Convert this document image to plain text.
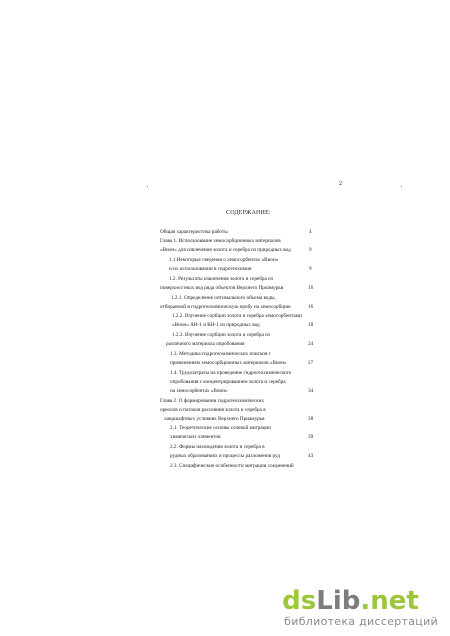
2
СОДЕРЖАНИЕ:
Общая характеристика работы	4
Глава 1. Использование хемосорбционных материалов
«Вион» для извлечения золота и серебра из природных вод	9
1.1.Некоторые сведения о хемосорбентах «Вион»
и их использовании в гидрогеохимии	9
1.2. Результаты извлечения золота и серебра из
поверхностных вод ряда объектов Верхнего Приамурья	16
1.2.1. Определение оптимального объема воды,
отбираемой в гидрогеохимическую пробу на хемосорбцию	16
1.2.2. Изучение сорбции золота и серебра хемосорбентами
«Вион» АН-1 и КН-1 из природных вод	18
1.2.3. Изучение сорбции золота и серебра из
различного материала опробования	24
1.3. Методика гидрогеохимических поисков с
применением хемосорбционных материалов «Вион»	27
1.4. Трудозатраты на проведение гидрогеохимического
опробования с концентрированием золота и серебра
на хемосорбентах «Вион»	34
Глава 2. О формировании гидрогеохимических
ореолов и потоков рассеяния золота и серебра в
ландшафтных условиях Верхнего Приамурья	38
2.1. Теоретические основы солевой миграции
химических элементов	39
2.2. Формы нахождения золота и серебра в
рудных образованиях и процессы разложения руд	43
2.3. Специфические особенности миграции соединений
ds Lib .net
библиотека диссертаций
